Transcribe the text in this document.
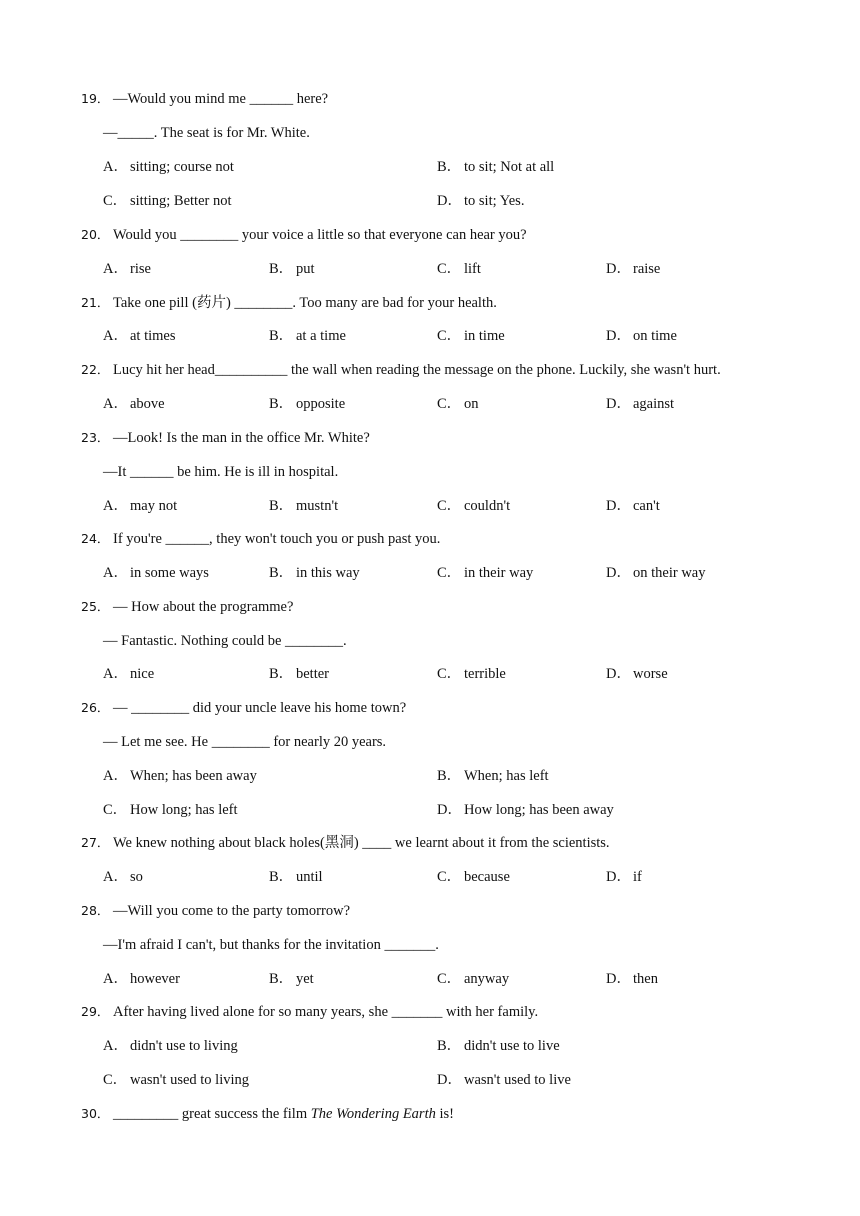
19． —Would you mind me ______ here?
—_____. The seat is for Mr. White.
A． sitting; course not	B． to sit; Not at all
C． sitting; Better not	D． to sit; Yes.
20． Would you ________ your voice a little so that everyone can hear you?
A． rise	B． put	C． lift	D． raise
21． Take one pill (药片) ________. Too many are bad for your health.
A． at times	B． at a time	C． in time	D． on time
22． Lucy hit her head__________ the wall when reading the message on the phone. Luckily, she wasn't hurt.
A． above	B． opposite	C． on	D． against
23． —Look! Is the man in the office Mr. White?
—It ______ be him. He is ill in hospital.
A． may not	B． mustn't	C． couldn't	D． can't
24． If you're ______, they won't touch you or push past you.
A． in some ways	B． in this way	C． in their way	D． on their way
25． — How about the programme?
— Fantastic. Nothing could be ________.
A． nice	B． better	C． terrible	D． worse
26． — ________ did your uncle leave his home town?
— Let me see. He ________ for nearly 20 years.
A． When; has been away	B． When; has left
C． How long; has left	D． How long; has been away
27． We knew nothing about black holes(黑洞) ____ we learnt about it from the scientists.
A． so	B． until	C． because	D． if
28． —Will you come to the party tomorrow?
—I'm afraid I can't, but thanks for the invitation _______.
A． however	B． yet	C． anyway	D． then
29． After having lived alone for so many years, she _______ with her family.
A． didn't use to living	B． didn't use to live
C． wasn't used to living	D． wasn't used to live
30． _________ great success the film The Wondering Earth is!
